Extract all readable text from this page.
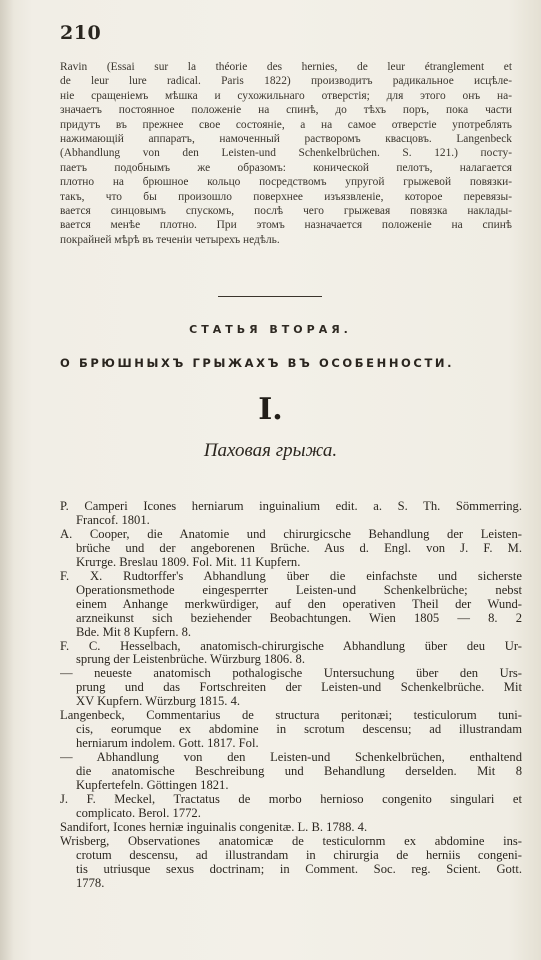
210
Ravin (Essai sur la théorie des hernies, de leur étranglement et
de leur lure radical. Paris 1822) производитъ радикальное исцѣле-
ніе сращеніемъ мѣшка и сухожильнаго отверстія; для этого онъ на-
значаетъ постоянное положеніе на спинѣ, до тѣхъ поръ, пока части
придутъ въ прежнее свое состояніе, а на самое отверстіе употреблять
нажимающій аппаратъ, намоченный растворомъ квасцовъ. Langenbeck
(Abhandlung von den Leisten-und Schenkelbrüchen. S. 121.) посту-
паетъ подобнымъ же образомъ: конической пелотъ, налагается
плотно на брюшное кольцо посредствомъ упругой грыжевой повязки-
такъ, что бы произошло поверхнее изъязвленіе, которое перевязы-
вается синцовымъ спускомъ, послѣ чего грыжевая повязка наклады-
вается менѣе плотно. При этомъ назначается положеніе на спинѣ
покрайней мѣрѣ въ теченіи четырехъ недѣль.
СТАТЬЯ ВТОРАЯ.
О БРЮШНЫХЪ ГРЫЖАХЪ ВЪ ОСОБЕННОСТИ.
I.
Паховая грыжа.
P. Camperi Icones herniarum inguinalium edit. a. S. Th. Sömmerring.
Francof. 1801.
A. Cooper, die Anatomie und chirurgicsche Behandlung der Leisten-
brüche und der angeborenen Brüche. Aus d. Engl. von J. F. M.
Kruтge. Breslau 1809. Fol. Mit. 11 Kupfern.
F. X. Rudtorffer's Abhandlung über die einfachste und sicherste
Operationsmethode eingesperrter Leisten-und Schenkelbrüche; nebst
einem Anhange merkwürdiger, auf den operativen Theil der Wund-
arzneikunst sich beziehender Beobachtungen. Wien 1805 — 8. 2
Bde. Mit 8 Kupfern. 8.
F. C. Hesselbach, anatomisch-chirurgische Abhandlung über deu Ur-
sprung der Leistenbrüche. Würzburg 1806. 8.
— neueste anatomisch pothalogische Untersuchung über den Urs-
prung und das Fortschreiten der Leisten-und Schenkelbrüche. Mit
XV Kupfern. Würzburg 1815. 4.
Langenbeck, Commentarius de structura peritonæi; testiculorum tuni-
cis, eorumque ex abdomine in scrotum descensu; ad illustrandam
herniarum indolem. Gott. 1817. Fol.
— Abhandlung von den Leisten-und Schenkelbrüchen, enthaltend
die anatomische Beschreibung und Behandlung derselden. Mit 8
Kupfertefeln. Göttingen 1821.
J. F. Meckel, Tractatus de morbo hernioso congenito singulari et
complicato. Berol. 1772.
Sandifort, Icones herniæ inguinalis congenitæ. L. B. 1788. 4.
Wrisberg, Observationes anatomicæ de testiculornm ex abdomine ins-
crotum descensu, ad illustrandam in chirurgia de herniis congeni-
tis utriusque sexus doctrinam; in Comment. Soc. reg. Scient. Gott.
1778.
